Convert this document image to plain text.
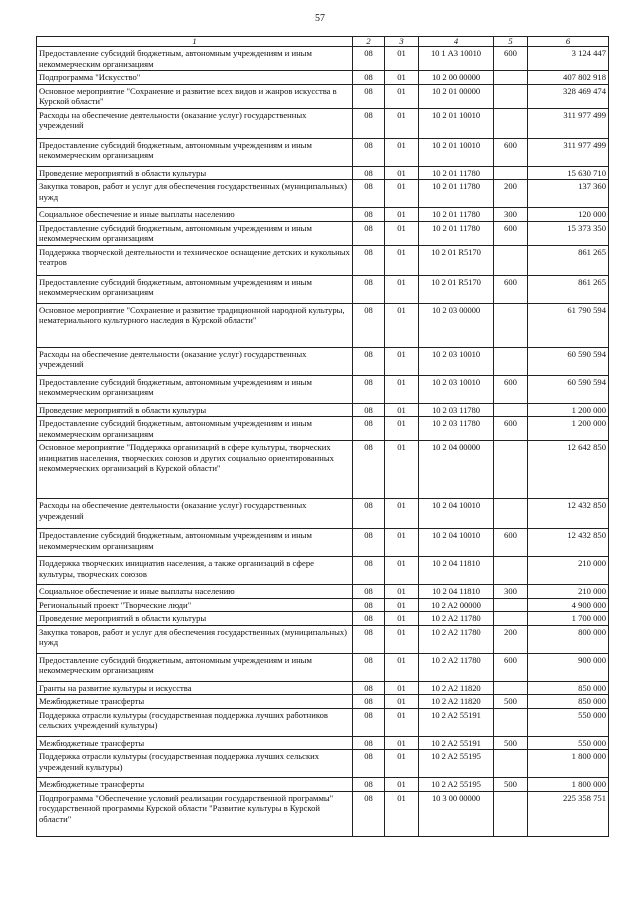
57
1	2	3	4	5	6
Предоставление субсидий бюджетным, автономным учреждениям и иным некоммерческим организациям	08	01	10 1 А3 10010	600	3 124 447
Подпрограмма "Искусство"	08	01	10 2 00 00000		407 802 918
Основное мероприятие "Сохранение и развитие всех видов и жанров искусства в Курской области"	08	01	10 2 01 00000		328 469 474
Расходы на обеспечение деятельности (оказание услуг) государственных учреждений	08	01	10 2 01 10010		311 977 499
Предоставление субсидий бюджетным, автономным учреждениям и иным некоммерческим организациям	08	01	10 2 01 10010	600	311 977 499
Проведение мероприятий в области культуры	08	01	10 2 01 11780		15 630 710
Закупка товаров, работ и услуг для обеспечения государственных (муниципальных) нужд	08	01	10 2 01 11780	200	137 360
Социальное обеспечение и иные выплаты населению	08	01	10 2 01 11780	300	120 000
Предоставление субсидий бюджетным, автономным учреждениям и иным некоммерческим организациям	08	01	10 2 01 11780	600	15 373 350
Поддержка творческой деятельности и техническое оснащение детских и кукольных театров	08	01	10 2 01 R5170		861 265
Предоставление субсидий бюджетным, автономным учреждениям и иным некоммерческим организациям	08	01	10 2 01 R5170	600	861 265
Основное мероприятие "Сохранение и развитие традиционной народной культуры, нематериального культурного наследия в Курской области"	08	01	10 2 03 00000		61 790 594
Расходы на обеспечение деятельности (оказание услуг) государственных учреждений	08	01	10 2 03 10010		60 590 594
Предоставление субсидий бюджетным, автономным учреждениям и иным некоммерческим организациям	08	01	10 2 03 10010	600	60 590 594
Проведение мероприятий в области культуры	08	01	10 2 03 11780		1 200 000
Предоставление субсидий бюджетным, автономным учреждениям и иным некоммерческим организациям	08	01	10 2 03 11780	600	1 200 000
Основное мероприятие "Поддержка организаций в сфере культуры, творческих инициатив населения, творческих союзов и других социально ориентированных некоммерческих организаций в Курской области"	08	01	10 2 04 00000		12 642 850
Расходы на обеспечение деятельности (оказание услуг) государственных учреждений	08	01	10 2 04 10010		12 432 850
Предоставление субсидий бюджетным, автономным учреждениям и иным некоммерческим организациям	08	01	10 2 04 10010	600	12 432 850
Поддержка творческих инициатив населения, а также организаций в сфере культуры, творческих союзов	08	01	10 2 04 11810		210 000
Социальное обеспечение и иные выплаты населению	08	01	10 2 04 11810	300	210 000
Региональный проект "Творческие люди"	08	01	10 2 A2 00000		4 900 000
Проведение мероприятий в области культуры	08	01	10 2 A2 11780		1 700 000
Закупка товаров, работ и услуг для обеспечения государственных (муниципальных) нужд	08	01	10 2 A2 11780	200	800 000
Предоставление субсидий бюджетным, автономным учреждениям и иным некоммерческим организациям	08	01	10 2 A2 11780	600	900 000
Гранты на развитие культуры и искусства	08	01	10 2 A2 11820		850 000
Межбюджетные трансферты	08	01	10 2 A2 11820	500	850 000
Поддержка отрасли культуры (государственная поддержка лучших работников сельских учреждений культуры)	08	01	10 2 A2 55191		550 000
Межбюджетные трансферты	08	01	10 2 A2 55191	500	550 000
Поддержка отрасли культуры (государственная поддержка лучших сельских учреждений культуры)	08	01	10 2 A2 55195		1 800 000
Межбюджетные трансферты	08	01	10 2 A2 55195	500	1 800 000
Подпрограмма "Обеспечение условий реализации государственной программы" государственной программы Курской области "Развитие культуры в Курской области"	08	01	10 3 00 00000		225 358 751
